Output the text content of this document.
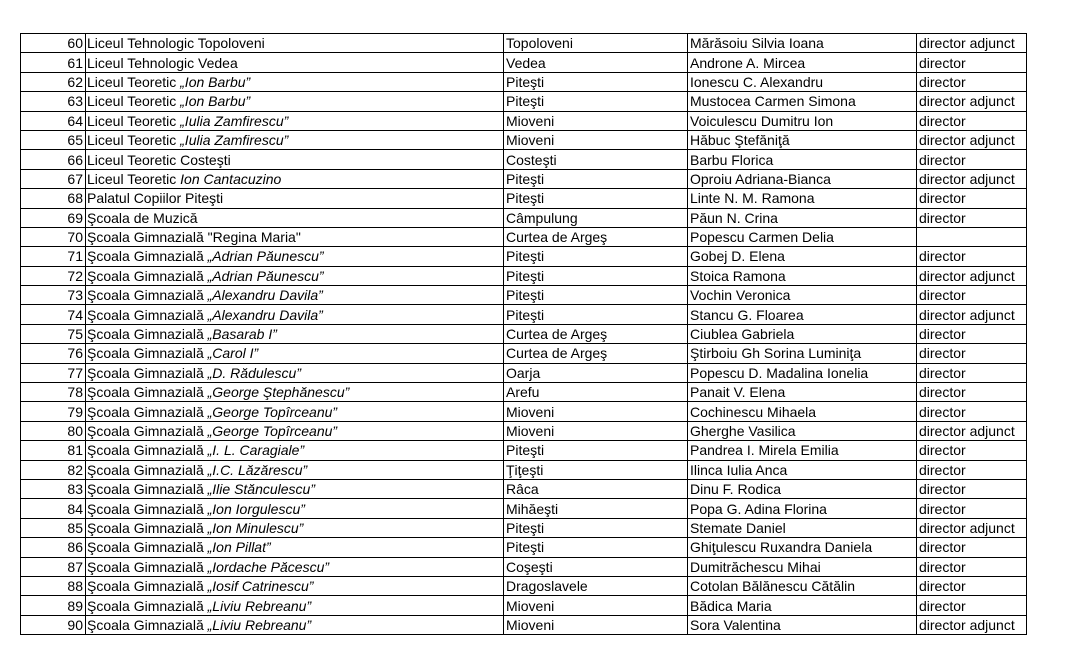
60	Liceul Tehnologic Topoloveni	Topoloveni	Mărăsoiu Silvia Ioana	director adjunct
61	Liceul Tehnologic Vedea	Vedea	Androne A. Mircea	director
62	Liceul Teoretic „Ion Barbu”	Piteşti	Ionescu C. Alexandru	director
63	Liceul Teoretic „Ion Barbu”	Piteşti	Mustocea Carmen Simona	director adjunct
64	Liceul Teoretic „Iulia Zamfirescu”	Mioveni	Voiculescu Dumitru Ion	director
65	Liceul Teoretic „Iulia Zamfirescu”	Mioveni	Hăbuc Ştefăniţă	director adjunct
66	Liceul Teoretic Costeşti	Costeşti	Barbu Florica	director
67	Liceul Teoretic Ion Cantacuzino	Piteşti	Oproiu Adriana-Bianca	director adjunct
68	Palatul Copiilor Piteşti	Piteşti	Linte N. M. Ramona	director
69	Şcoala de Muzică	Câmpulung	Păun N. Crina	director
70	Şcoala Gimnazială "Regina Maria"	Curtea de Argeş	Popescu Carmen Delia	
71	Şcoala Gimnazială „Adrian Păunescu”	Piteşti	Gobej D. Elena	director
72	Şcoala Gimnazială „Adrian Păunescu”	Piteşti	Stoica Ramona	director adjunct
73	Şcoala Gimnazială „Alexandru Davila”	Piteşti	Vochin Veronica	director
74	Şcoala Gimnazială „Alexandru Davila”	Piteşti	Stancu G. Floarea	director adjunct
75	Şcoala Gimnazială „Basarab I”	Curtea de Argeş	Ciublea Gabriela	director
76	Şcoala Gimnazială „Carol I”	Curtea de Argeş	Ştirboiu Gh Sorina Luminiţa	director
77	Şcoala Gimnazială „D. Rădulescu”	Oarja	Popescu D. Madalina Ionelia	director
78	Şcoala Gimnazială „George Ştephănescu”	Arefu	Panait V. Elena	director
79	Şcoala Gimnazială „George Topîrceanu”	Mioveni	Cochinescu Mihaela	director
80	Şcoala Gimnazială „George Topîrceanu”	Mioveni	Gherghe Vasilica	director adjunct
81	Şcoala Gimnazială „I. L. Caragiale”	Piteşti	Pandrea I. Mirela Emilia	director
82	Şcoala Gimnazială „I.C. Lăzărescu”	Ţiţeşti	Ilinca Iulia Anca	director
83	Şcoala Gimnazială „Ilie Stănculescu”	Râca	Dinu F. Rodica	director
84	Şcoala Gimnazială „Ion Iorgulescu”	Mihăeşti	Popa G. Adina Florina	director
85	Şcoala Gimnazială „Ion Minulescu”	Piteşti	Stemate Daniel	director adjunct
86	Şcoala Gimnazială „Ion Pillat”	Piteşti	Ghiţulescu Ruxandra Daniela	director
87	Şcoala Gimnazială „Iordache Păcescu”	Coşeşti	Dumitrăchescu Mihai	director
88	Şcoala Gimnazială „Iosif Catrinescu”	Dragoslavele	Cotolan Bălănescu Cătălin	director
89	Şcoala Gimnazială „Liviu Rebreanu”	Mioveni	Bădica Maria	director
90	Şcoala Gimnazială „Liviu Rebreanu”	Mioveni	Sora Valentina	director adjunct
